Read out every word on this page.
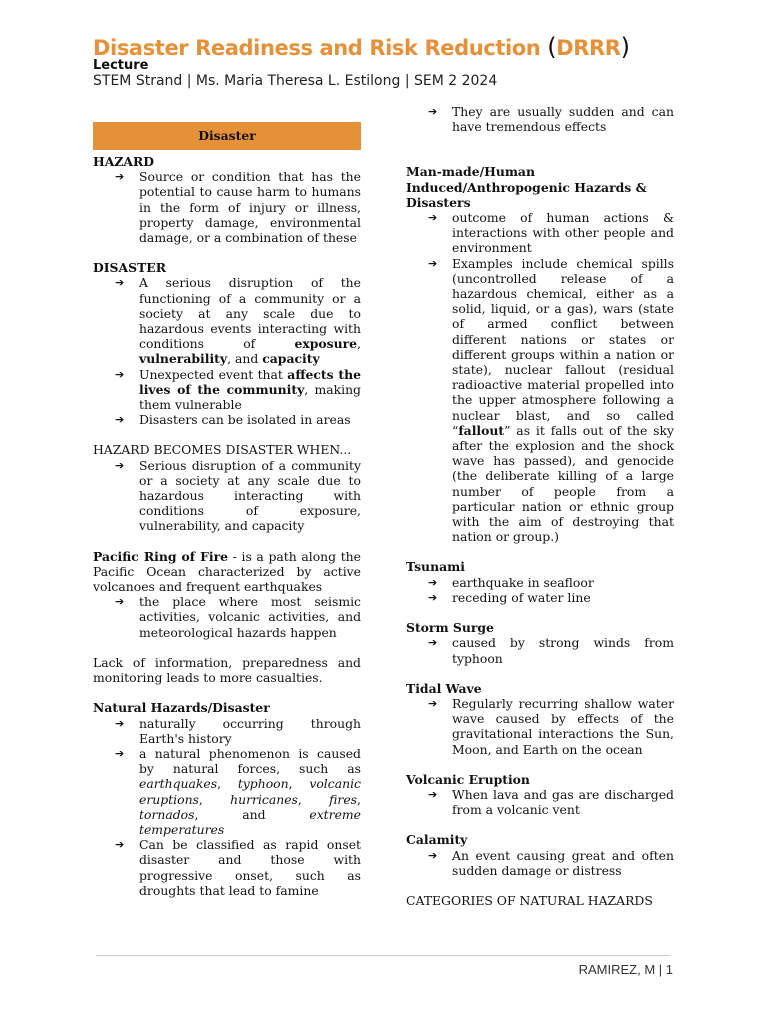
Disaster Readiness and Risk Reduction (DRRR)
Lecture
STEM Strand | Ms. Maria Theresa L. Estilong | SEM 2 2024
Disaster
HAZARD
➔ Source or condition that has the potential to cause harm to humans in the form of injury or illness, property damage, environmental damage, or a combination of these
DISASTER
➔ A serious disruption of the functioning of a community or a society at any scale due to hazardous events interacting with conditions of exposure, vulnerability, and capacity
➔ Unexpected event that affects the lives of the community, making them vulnerable
➔ Disasters can be isolated in areas
HAZARD BECOMES DISASTER WHEN...
➔ Serious disruption of a community or a society at any scale due to hazardous interacting with conditions of exposure, vulnerability, and capacity
Pacific Ring of Fire - is a path along the Pacific Ocean characterized by active volcanoes and frequent earthquakes
➔ the place where most seismic activities, volcanic activities, and meteorological hazards happen
Lack of information, preparedness and monitoring leads to more casualties.
Natural Hazards/Disaster
➔ naturally occurring through Earth's history
➔ a natural phenomenon is caused by natural forces, such as earthquakes, typhoon, volcanic eruptions, hurricanes, fires, tornados, and extreme temperatures
➔ Can be classified as rapid onset disaster and those with progressive onset, such as droughts that lead to famine
➔ They are usually sudden and can have tremendous effects
Man-made/Human Induced/Anthropogenic Hazards & Disasters
➔ outcome of human actions & interactions with other people and environment
➔ Examples include chemical spills (uncontrolled release of a hazardous chemical, either as a solid, liquid, or a gas), wars (state of armed conflict between different nations or states or different groups within a nation or state), nuclear fallout (residual radioactive material propelled into the upper atmosphere following a nuclear blast, and so called “fallout” as it falls out of the sky after the explosion and the shock wave has passed), and genocide (the deliberate killing of a large number of people from a particular nation or ethnic group with the aim of destroying that nation or group.)
Tsunami
➔ earthquake in seafloor
➔ receding of water line
Storm Surge
➔ caused by strong winds from typhoon
Tidal Wave
➔ Regularly recurring shallow water wave caused by effects of the gravitational interactions the Sun, Moon, and Earth on the ocean
Volcanic Eruption
➔ When lava and gas are discharged from a volcanic vent
Calamity
➔ An event causing great and often sudden damage or distress
CATEGORIES OF NATURAL HAZARDS
RAMIREZ, M | 1
